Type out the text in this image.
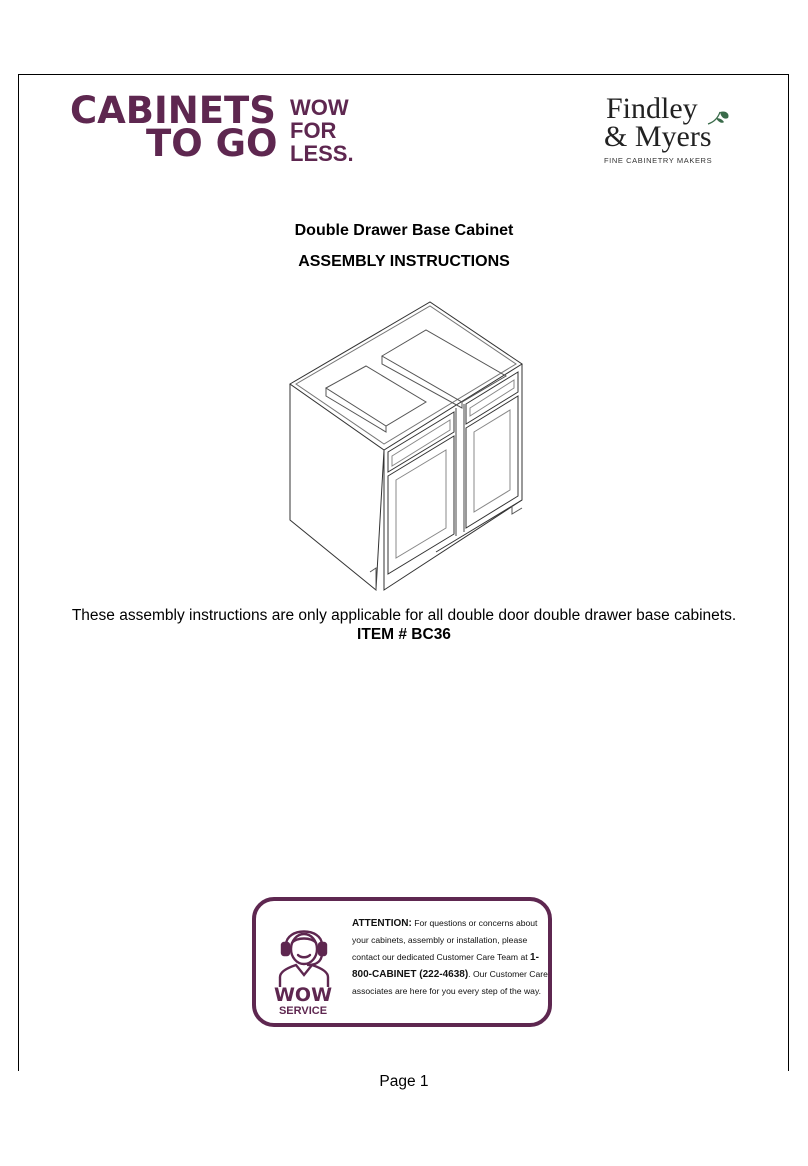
CABINETS
TO GO
WOW
FOR
LESS.
Findley
& Myers
FINE CABINETRY MAKERS
Double Drawer Base Cabinet
ASSEMBLY INSTRUCTIONS
These assembly instructions are only applicable for all double door double drawer base cabinets.
ITEM # BC36
WOW
SERVICE
ATTENTION: For questions or concerns about your cabinets, assembly or installation, please contact our dedicated Customer Care Team at 1-800-CABINET (222-4638). Our Customer Care associates are here for you every step of the way.
Page 1
